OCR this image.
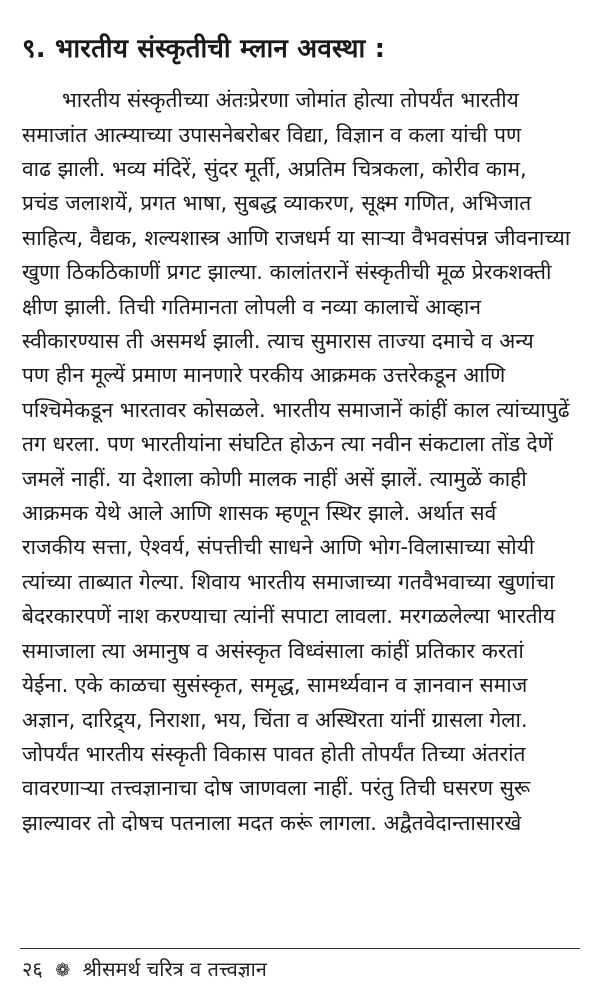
९. भारतीय संस्कृतीची म्लान अवस्था :
भारतीय संस्कृतीच्या अंतःप्रेरणा जोमांत होत्या तोपर्यंत भारतीय
समाजांत आत्म्याच्या उपासनेबरोबर विद्या, विज्ञान व कला यांची पण
वाढ झाली. भव्य मंदिरें, सुंदर मूर्ती, अप्रतिम चित्रकला, कोरीव काम,
प्रचंड जलाशयें, प्रगत भाषा, सुबद्ध व्याकरण, सूक्ष्म गणित, अभिजात
साहित्य, वैद्यक, शल्यशास्त्र आणि राजधर्म या साऱ्या वैभवसंपन्न जीवनाच्या
खुणा ठिकठिकाणीं प्रगट झाल्या. कालांतरानें संस्कृतीची मूळ प्रेरकशक्ती
क्षीण झाली. तिची गतिमानता लोपली व नव्या कालाचें आव्हान
स्वीकारण्यास ती असमर्थ झाली. त्याच सुमारास ताज्या दमाचे व अन्य
पण हीन मूल्यें प्रमाण मानणारे परकीय आक्रमक उत्तरेकडून आणि
पश्चिमेकडून भारतावर कोसळले. भारतीय समाजानें कांहीं काल त्यांच्यापुढें
तग धरला. पण भारतीयांना संघटित होऊन त्या नवीन संकटाला तोंड देणें
जमलें नाहीं. या देशाला कोणी मालक नाहीं असें झालें. त्यामुळें काही
आक्रमक येथे आले आणि शासक म्हणून स्थिर झाले. अर्थात सर्व
राजकीय सत्ता, ऐश्वर्य, संपत्तीची साधने आणि भोग-विलासाच्या सोयी
त्यांच्या ताब्यात गेल्या. शिवाय भारतीय समाजाच्या गतवैभवाच्या खुणांचा
बेदरकारपणें नाश करण्याचा त्यांनीं सपाटा लावला. मरगळलेल्या भारतीय
समाजाला त्या अमानुष व असंस्कृत विध्वंसाला कांहीं प्रतिकार करतां
येईना. एके काळचा सुसंस्कृत, समृद्ध, सामर्थ्यवान व ज्ञानवान समाज
अज्ञान, दारिद्र्य, निराशा, भय, चिंता व अस्थिरता यांनीं ग्रासला गेला.
जोपर्यंत भारतीय संस्कृती विकास पावत होती तोपर्यंत तिच्या अंतरांत
वावरणाऱ्या तत्त्वज्ञानाचा दोष जाणवला नाहीं. परंतु तिची घसरण सुरू
झाल्यावर तो दोषच पतनाला मदत करूं लागला. अद्वैतवेदान्तासारखे
२६ ❁ श्रीसमर्थ चरित्र व तत्त्वज्ञान
